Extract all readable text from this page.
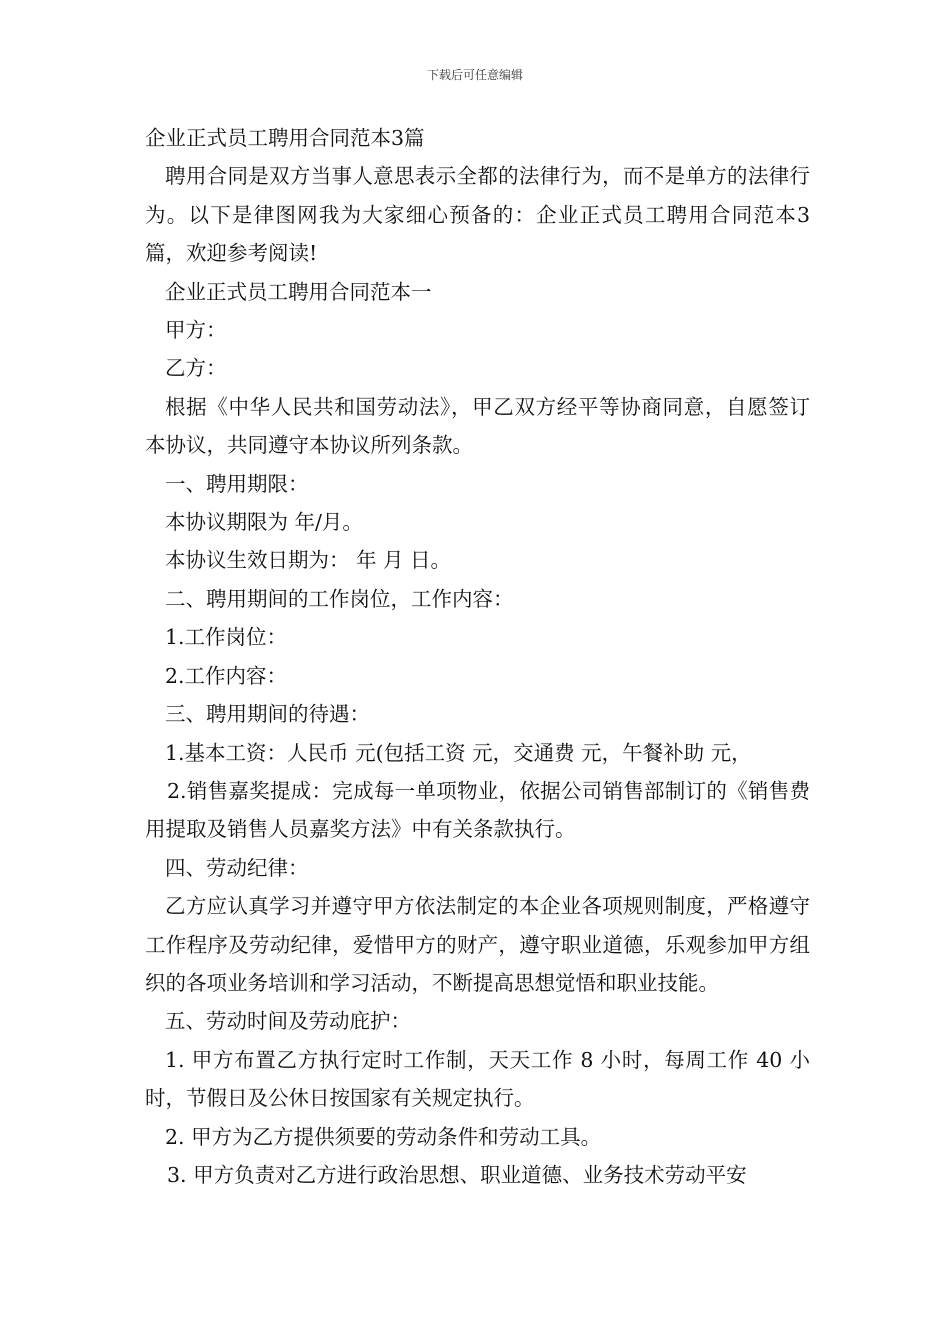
下载后可任意编辑

企业正式员工聘用合同范本3篇

聘用合同是双方当事人意思表示全都的法律行为，而不是单方的法律行为。以下是律图网我为大家细心预备的：企业正式员工聘用合同范本3篇，欢迎参考阅读!

企业正式员工聘用合同范本一

甲方：

乙方：

根据《中华人民共和国劳动法》，甲乙双方经平等协商同意，自愿签订本协议，共同遵守本协议所列条款。

一、聘用期限：

本协议期限为 年/月。

本协议生效日期为： 年 月 日。

二、聘用期间的工作岗位，工作内容：

1.工作岗位：

2.工作内容：

三、聘用期间的待遇：

1.基本工资：人民币 元(包括工资 元，交通费 元，午餐补助 元，

2.销售嘉奖提成：完成每一单项物业，依据公司销售部制订的《销售费用提取及销售人员嘉奖方法》中有关条款执行。

四、劳动纪律：

乙方应认真学习并遵守甲方依法制定的本企业各项规则制度，严格遵守工作程序及劳动纪律，爱惜甲方的财产，遵守职业道德，乐观参加甲方组织的各项业务培训和学习活动，不断提高思想觉悟和职业技能。

五、劳动时间及劳动庇护：

1. 甲方布置乙方执行定时工作制，天天工作 8 小时，每周工作 40 小时，节假日及公休日按国家有关规定执行。

2. 甲方为乙方提供须要的劳动条件和劳动工具。

3. 甲方负责对乙方进行政治思想、职业道德、业务技术劳动平安
